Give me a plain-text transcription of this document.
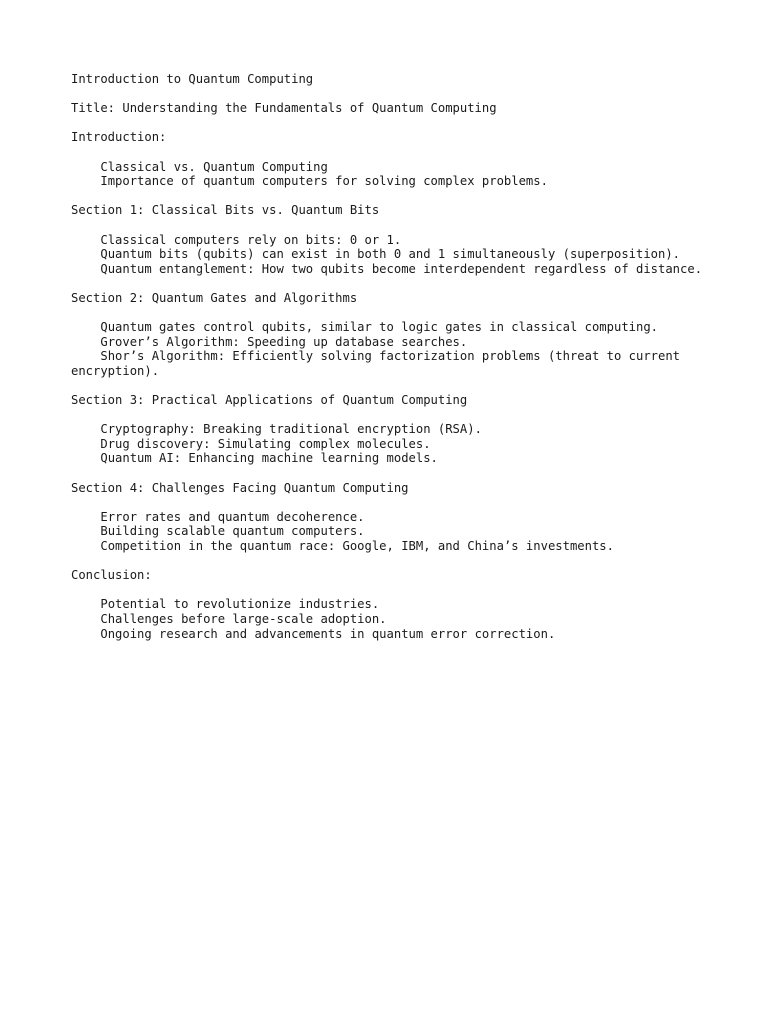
Introduction to Quantum Computing

Title: Understanding the Fundamentals of Quantum Computing

Introduction:

Classical vs. Quantum Computing
Importance of quantum computers for solving complex problems.

Section 1: Classical Bits vs. Quantum Bits

Classical computers rely on bits: 0 or 1.
Quantum bits (qubits) can exist in both 0 and 1 simultaneously (superposition).
Quantum entanglement: How two qubits become interdependent regardless of distance.

Section 2: Quantum Gates and Algorithms

Quantum gates control qubits, similar to logic gates in classical computing.
Grover’s Algorithm: Speeding up database searches.
Shor’s Algorithm: Efficiently solving factorization problems (threat to current encryption).

Section 3: Practical Applications of Quantum Computing

Cryptography: Breaking traditional encryption (RSA).
Drug discovery: Simulating complex molecules.
Quantum AI: Enhancing machine learning models.

Section 4: Challenges Facing Quantum Computing

Error rates and quantum decoherence.
Building scalable quantum computers.
Competition in the quantum race: Google, IBM, and China’s investments.

Conclusion:

Potential to revolutionize industries.
Challenges before large-scale adoption.
Ongoing research and advancements in quantum error correction.
